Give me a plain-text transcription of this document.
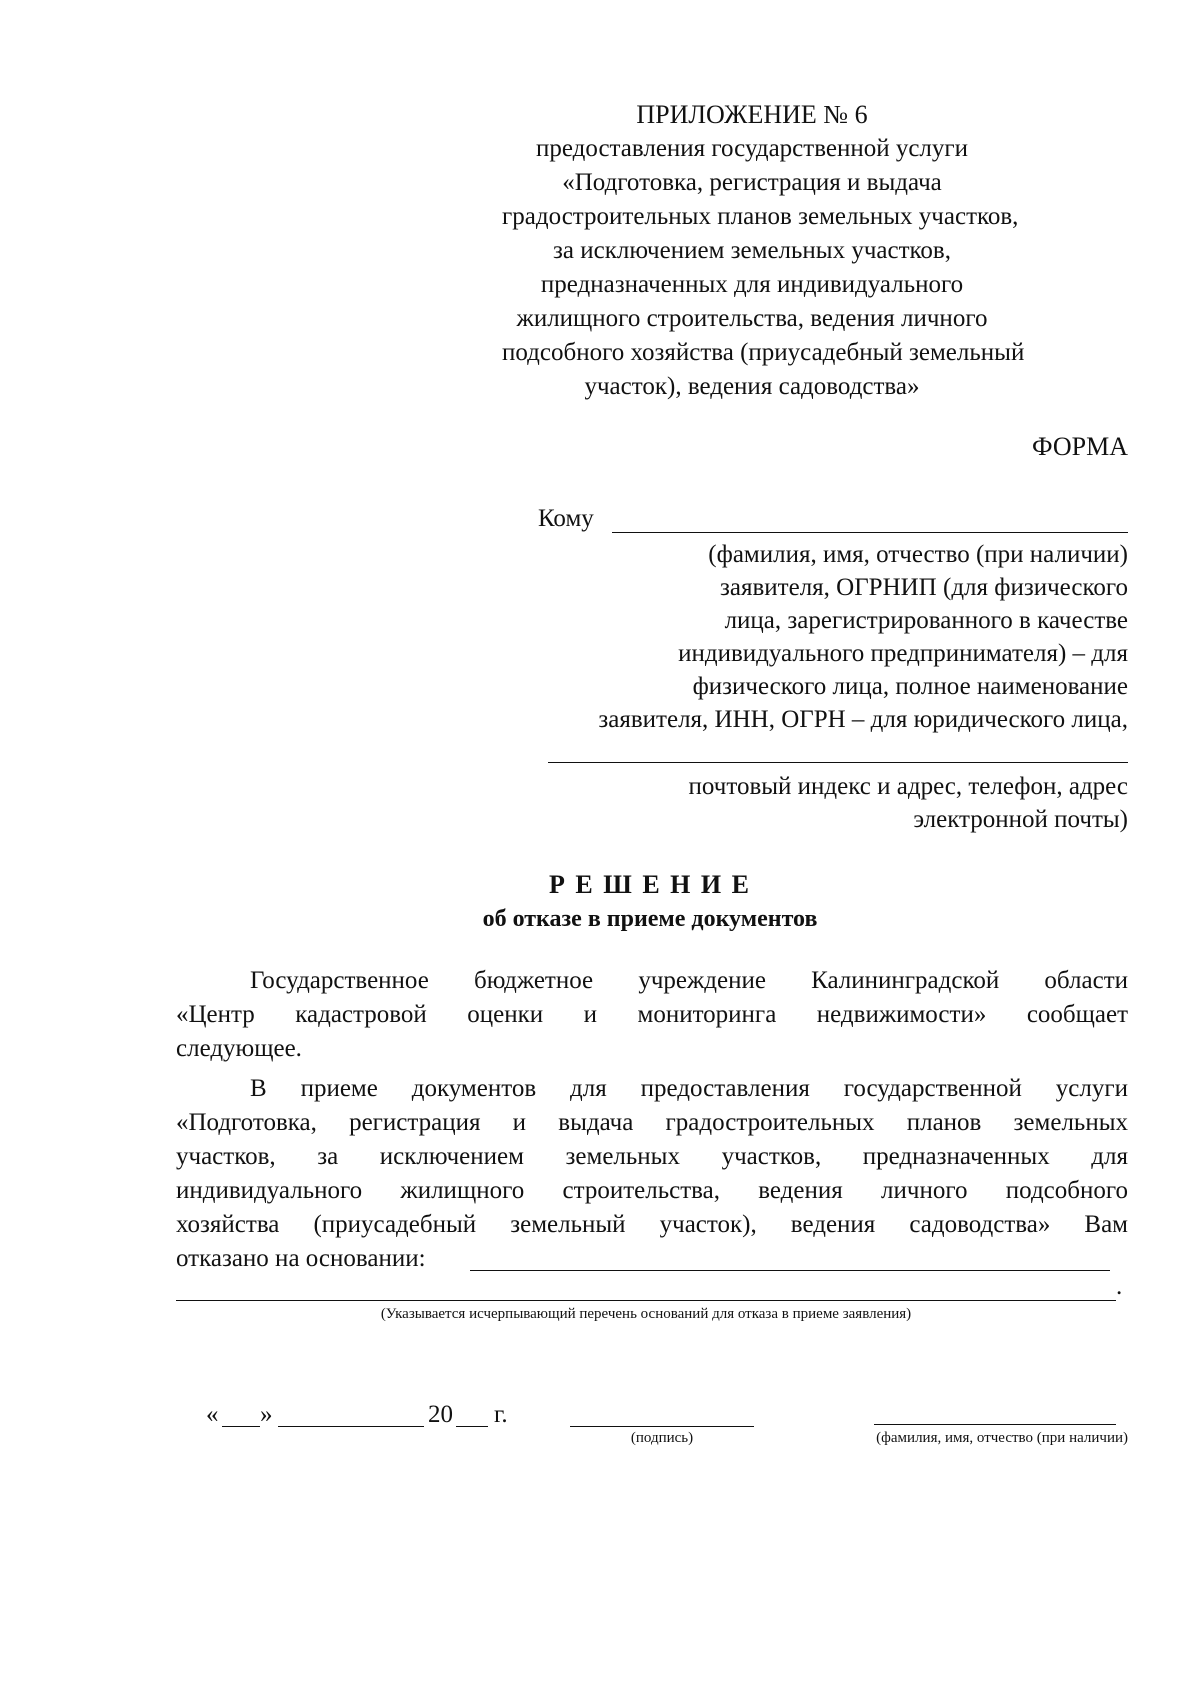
ПРИЛОЖЕНИЕ № 6
предоставления государственной услуги
«Подготовка, регистрация и выдача
градостроительных планов земельных участков,
за исключением земельных участков,
предназначенных для индивидуального
жилищного строительства, ведения личного
подсобного хозяйства (приусадебный земельный
участок), ведения садоводства»
ФОРМА
Кому
(фамилия, имя, отчество (при наличии)
заявителя, ОГРНИП (для физического
лица, зарегистрированного в качестве
индивидуального предпринимателя) – для
физического лица, полное наименование
заявителя, ИНН, ОГРН – для юридического лица,
почтовый индекс и адрес, телефон, адрес
электронной почты)
Р Е Ш Е Н И Е
об отказе в приеме документов
Государственное бюджетное учреждение Калининградской области
«Центр кадастровой оценки и мониторинга недвижимости» сообщает
следующее.
В приеме документов для предоставления государственной услуги
«Подготовка, регистрация и выдача градостроительных планов земельных
участков, за исключением земельных участков, предназначенных для
индивидуального жилищного строительства, ведения личного подсобного
хозяйства (приусадебный земельный участок), ведения садоводства» Вам
отказано на основании:
.
(Указывается исчерпывающий перечень оснований для отказа в приеме заявления)
« »	20 г.
(подпись)	(фамилия, имя, отчество (при наличии)
